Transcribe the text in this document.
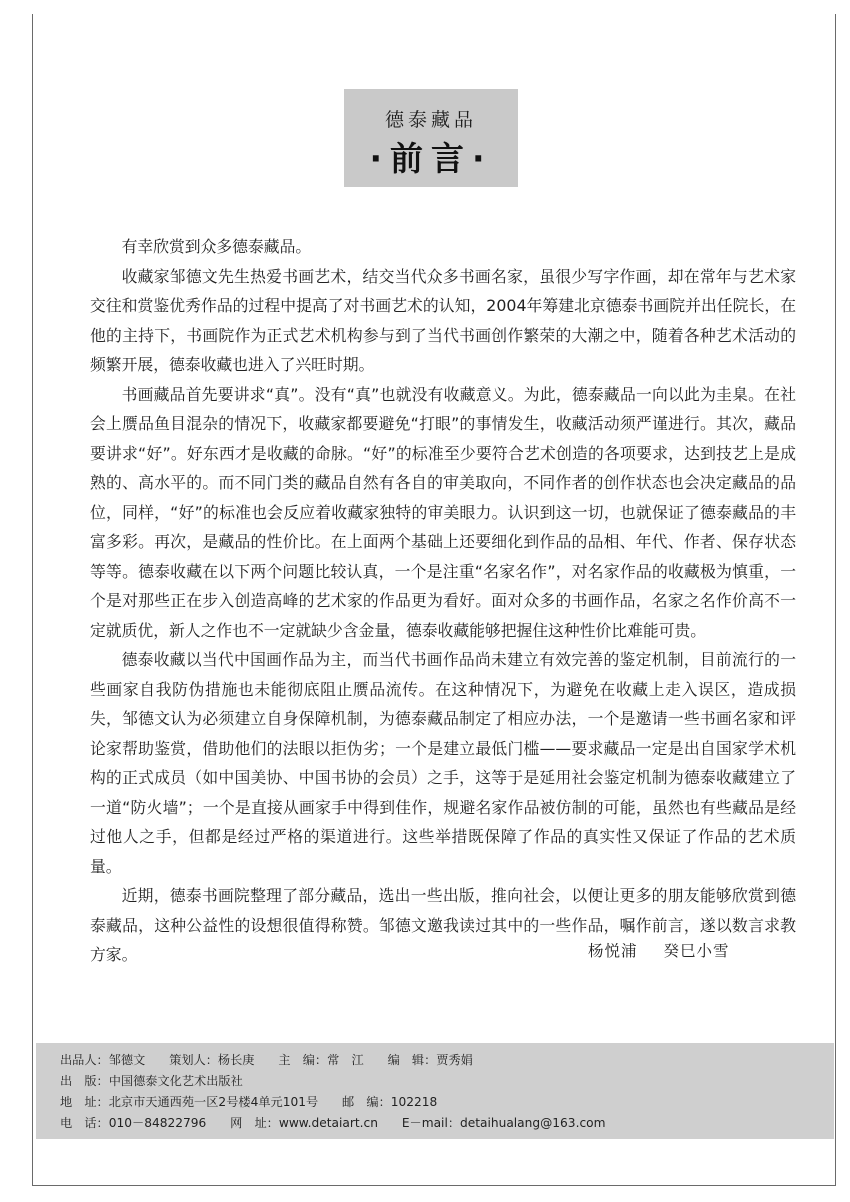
德泰藏品
·前言·

有幸欣赏到众多德泰藏品。

收藏家邹德文先生热爱书画艺术，结交当代众多书画名家，虽很少写字作画，却在常年与艺术家交往和赏鉴优秀作品的过程中提高了对书画艺术的认知，2004年筹建北京德泰书画院并出任院长，在他的主持下，书画院作为正式艺术机构参与到了当代书画创作繁荣的大潮之中，随着各种艺术活动的频繁开展，德泰收藏也进入了兴旺时期。

书画藏品首先要讲求“真”。没有“真”也就没有收藏意义。为此，德泰藏品一向以此为圭臬。在社会上赝品鱼目混杂的情况下，收藏家都要避免“打眼”的事情发生，收藏活动须严谨进行。其次，藏品要讲求“好”。好东西才是收藏的命脉。“好”的标准至少要符合艺术创造的各项要求，达到技艺上是成熟的、高水平的。而不同门类的藏品自然有各自的审美取向，不同作者的创作状态也会决定藏品的品位，同样，“好”的标准也会反应着收藏家独特的审美眼力。认识到这一切，也就保证了德泰藏品的丰富多彩。再次，是藏品的性价比。在上面两个基础上还要细化到作品的品相、年代、作者、保存状态等等。德泰收藏在以下两个问题比较认真，一个是注重“名家名作”，对名家作品的收藏极为慎重，一个是对那些正在步入创造高峰的艺术家的作品更为看好。面对众多的书画作品，名家之名作价高不一定就质优，新人之作也不一定就缺少含金量，德泰收藏能够把握住这种性价比难能可贵。

德泰收藏以当代中国画作品为主，而当代书画作品尚未建立有效完善的鉴定机制，目前流行的一些画家自我防伪措施也未能彻底阻止赝品流传。在这种情况下，为避免在收藏上走入误区，造成损失，邹德文认为必须建立自身保障机制，为德泰藏品制定了相应办法，一个是邀请一些书画名家和评论家帮助鉴赏，借助他们的法眼以拒伪劣；一个是建立最低门槛——要求藏品一定是出自国家学术机构的正式成员（如中国美协、中国书协的会员）之手，这等于是延用社会鉴定机制为德泰收藏建立了一道“防火墙”；一个是直接从画家手中得到佳作，规避名家作品被仿制的可能，虽然也有些藏品是经过他人之手，但都是经过严格的渠道进行。这些举措既保障了作品的真实性又保证了作品的艺术质量。

近期，德泰书画院整理了部分藏品，选出一些出版，推向社会，以便让更多的朋友能够欣赏到德泰藏品，这种公益性的设想很值得称赞。邹德文邀我读过其中的一些作品，嘱作前言，遂以数言求教方家。	杨悦浦 癸巳小雪
出品人：邹德文 策划人：杨长庚 主　编：常　江 编　辑：贾秀娟
出　版：中国德泰文化艺术出版社
地　址：北京市天通西苑一区2号楼4单元101号 邮　编：102218
电　话：010－84822796 网　址：www.detaiart.cn E－mail：detaihualang@163.com
